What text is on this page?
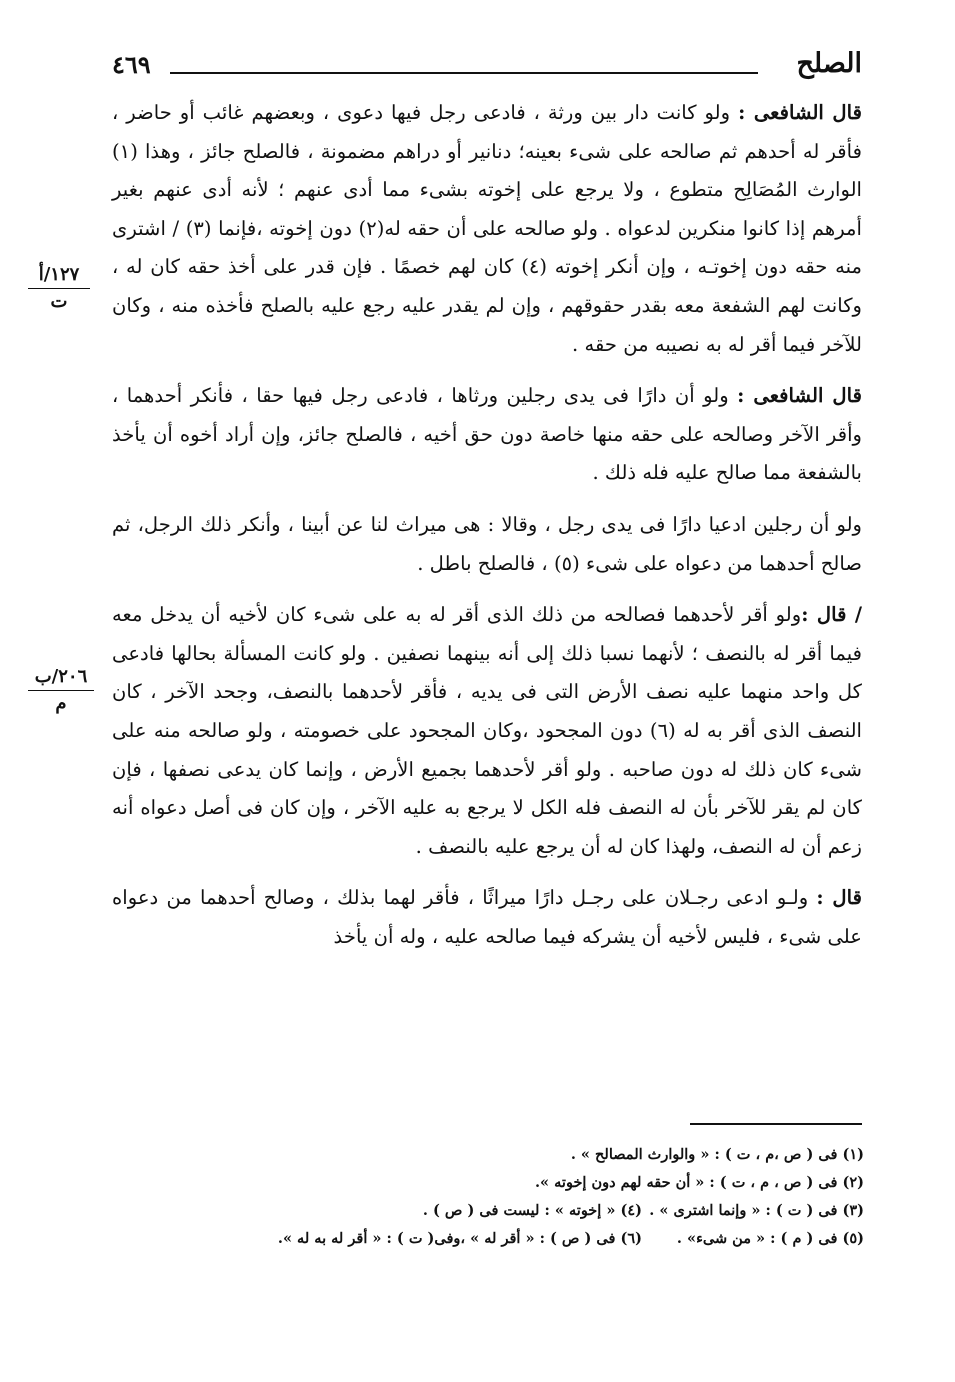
الصلح
٤٦٩
١٢٧/أ
ت
٢٠٦/ب
م

قال الشافعى : ولو كانت دار بين ورثة ، فادعى رجل فيها دعوى ، وبعضهم غائب أو حاضر ، فأقر له أحدهم ثم صالحه على شىء بعينه؛ دنانير أو دراهم مضمونة ، فالصلح جائز ، وهذا (١) الوارث المُصَالِح متطوع ، ولا يرجع على إخوته بشىء مما أدى عنهم ؛ لأنه أدى عنهم بغير أمرهم إذا كانوا منكرين لدعواه . ولو صالحه على أن حقه له(٢) دون إخوته ،فإنما (٣) / اشترى منه حقه دون إخوتـه ، وإن أنكر إخوته (٤) كان لهم خصمًا . فإن قدر على أخذ حقه كان له ، وكانت لهم الشفعة معه بقدر حقوقهم ، وإن لم يقدر عليه رجع عليه بالصلح فأخذه منه ، وكان للآخر فيما أقر له به نصيبه من حقه .

قال الشافعى : ولو أن دارًا فى يدى رجلين ورثاها ، فادعى رجل فيها حقا ، فأنكر أحدهما ، وأقر الآخر وصالحه على حقه منها خاصة دون حق أخيه ، فالصلح جائز، وإن أراد أخوه أن يأخذ بالشفعة مما صالح عليه فله ذلك .

ولو أن رجلين ادعيا دارًا فى يدى رجل ، وقالا : هى ميراث لنا عن أبينا ، وأنكر ذلك الرجل، ثم صالح أحدهما من دعواه على شىء (٥) ، فالصلح باطل .

/ قال :ولو أقر لأحدهما فصالحه من ذلك الذى أقر له به على شىء كان لأخيه أن يدخل معه فيما أقر له بالنصف ؛ لأنهما نسبا ذلك إلى أنه بينهما نصفين . ولو كانت المسألة بحالها فادعى كل واحد منهما عليه نصف الأرض التى فى يديه ، فأقر لأحدهما بالنصف، وجحد الآخر ، كان النصف الذى أقر به له (٦) دون المجحود ،وكان المجحود على خصومته ، ولو صالحه منه على شىء كان ذلك له دون صاحبه . ولو أقر لأحدهما بجميع الأرض ، وإنما كان يدعى نصفها ، فإن كان لم يقر للآخر بأن له النصف فله الكل لا يرجع به عليه الآخر ، وإن كان فى أصل دعواه أنه زعم أن له النصف، ولهذا كان له أن يرجع عليه بالنصف .

قال : ولـو ادعى رجـلان على رجـل دارًا ميراثًا ، فأقر لهما بذلك ، وصالح أحدهما من دعواه على شىء ، فليس لأخيه أن يشركه فيما صالحه عليه ، وله أن يأخذ

(١) فى ( ص ،م ، ت ) : « والوارث المصالح » .
(٢) فى ( ص ، م ، ت ) : « أن حقه لهم دون إخوته ».
(٣) فى ( ت ) : « وإنما اشترى » .
(٤) « إخوته » : ليست فى ( ص ) .
(٥) فى ( م ) : « من شىء» .
(٦) فى ( ص ) : « أقر له » ،وفى( ت ) : « أقر له به له ».
